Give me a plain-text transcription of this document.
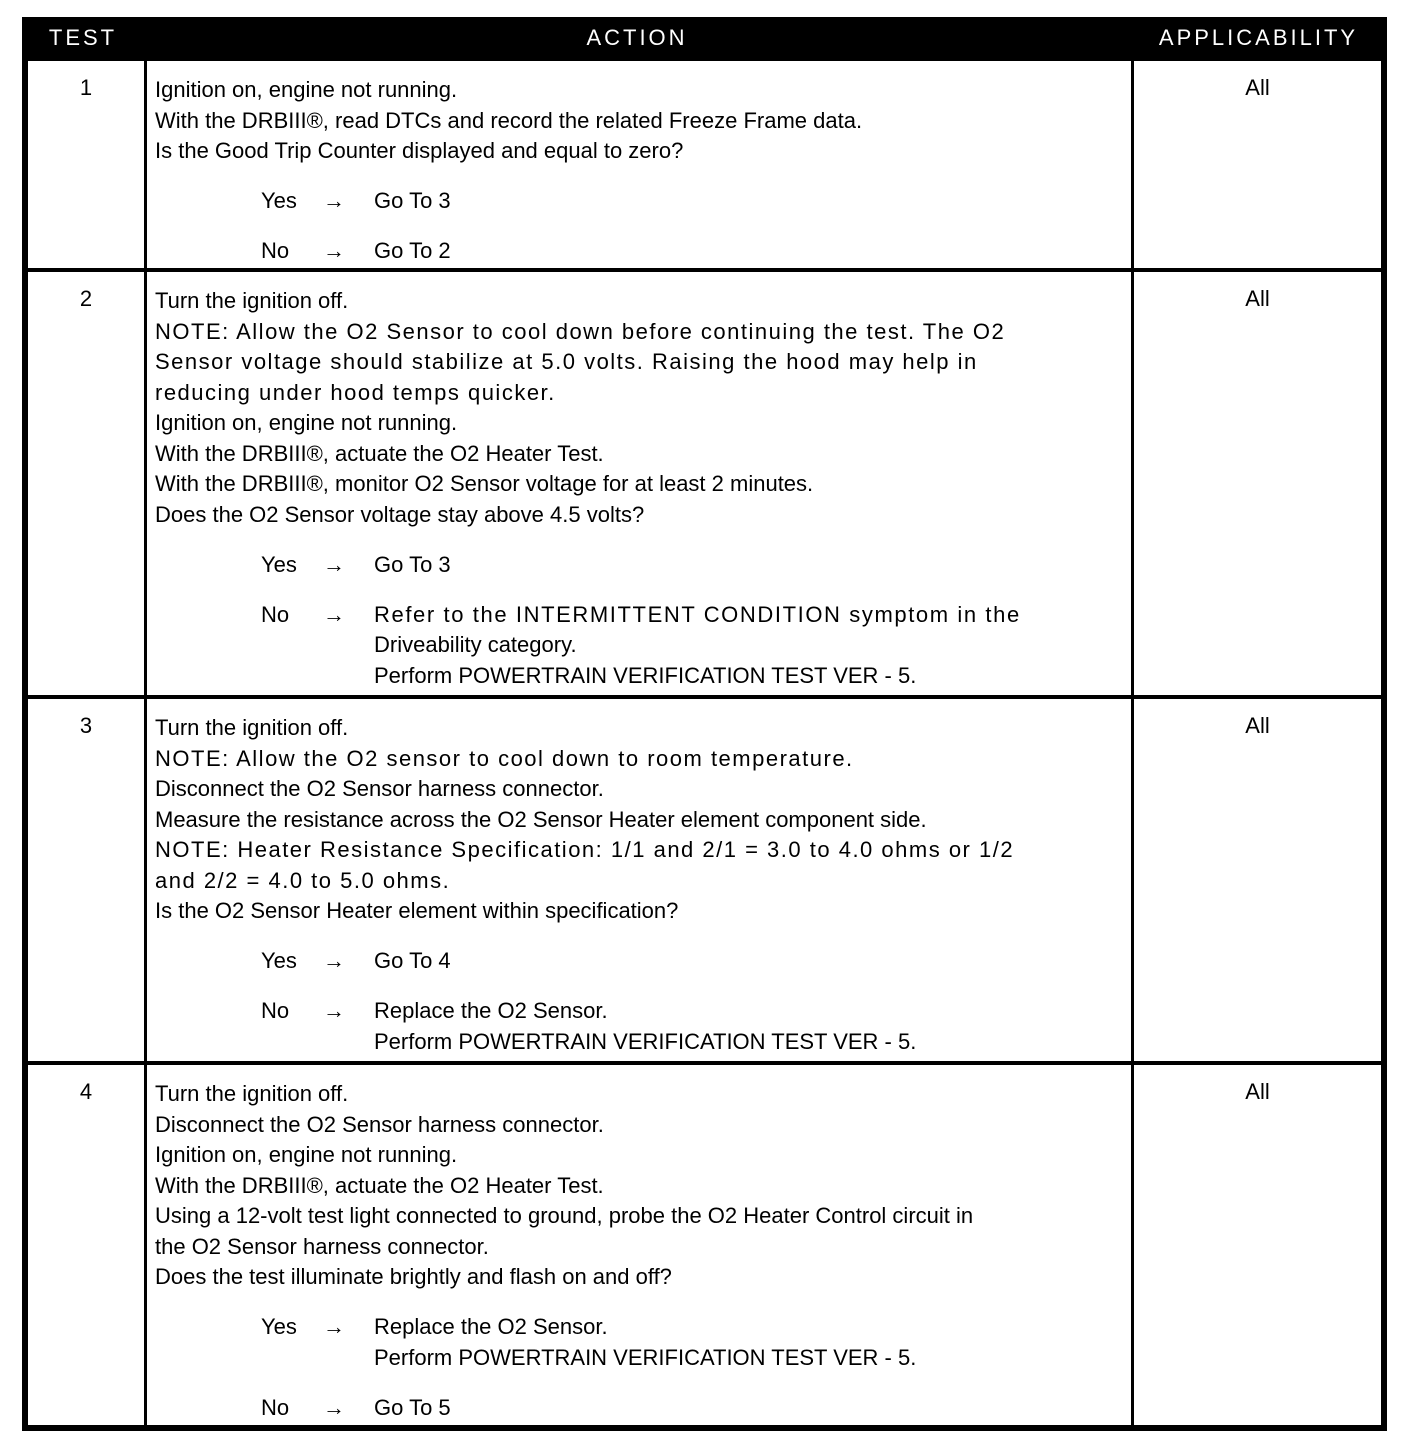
TEST	ACTION	APPLICABILITY
1	Ignition on, engine not running.
With the DRBIII®, read DTCs and record the related Freeze Frame data.
Is the Good Trip Counter displayed and equal to zero?
Yes → Go To 3
No → Go To 2
All
2	Turn the ignition off.
NOTE: Allow the O2 Sensor to cool down before continuing the test. The O2
Sensor voltage should stabilize at 5.0 volts. Raising the hood may help in
reducing under hood temps quicker.
Ignition on, engine not running.
With the DRBIII®, actuate the O2 Heater Test.
With the DRBIII®, monitor O2 Sensor voltage for at least 2 minutes.
Does the O2 Sensor voltage stay above 4.5 volts?
Yes → Go To 3
No → Refer to the INTERMITTENT CONDITION symptom in the
Driveability category.
Perform POWERTRAIN VERIFICATION TEST VER - 5.
All
3	Turn the ignition off.
NOTE: Allow the O2 sensor to cool down to room temperature.
Disconnect the O2 Sensor harness connector.
Measure the resistance across the O2 Sensor Heater element component side.
NOTE: Heater Resistance Specification: 1/1 and 2/1 = 3.0 to 4.0 ohms or 1/2
and 2/2 = 4.0 to 5.0 ohms.
Is the O2 Sensor Heater element within specification?
Yes → Go To 4
No → Replace the O2 Sensor.
Perform POWERTRAIN VERIFICATION TEST VER - 5.
All
4	Turn the ignition off.
Disconnect the O2 Sensor harness connector.
Ignition on, engine not running.
With the DRBIII®, actuate the O2 Heater Test.
Using a 12-volt test light connected to ground, probe the O2 Heater Control circuit in
the O2 Sensor harness connector.
Does the test illuminate brightly and flash on and off?
Yes → Replace the O2 Sensor.
Perform POWERTRAIN VERIFICATION TEST VER - 5.
No → Go To 5
All
